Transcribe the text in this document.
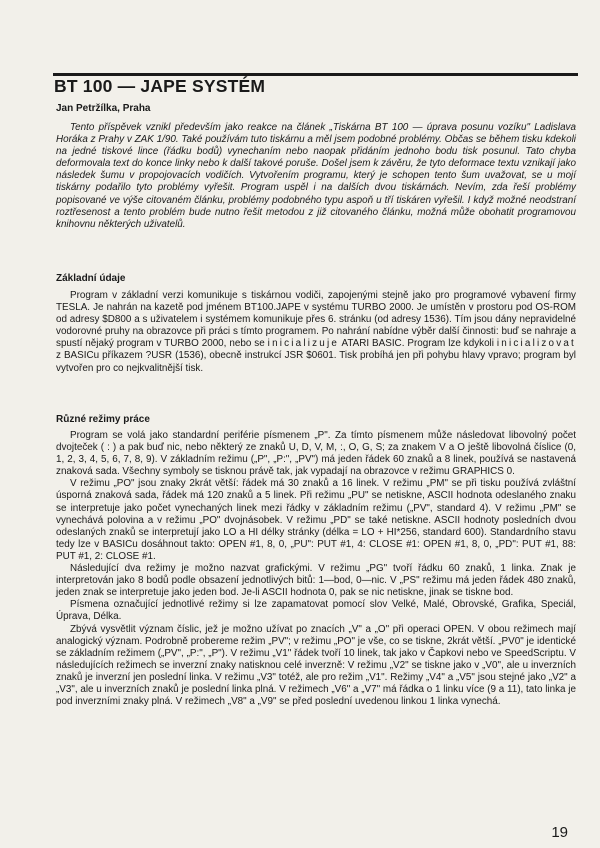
BT 100 — JAPE SYSTÉM
Jan Petržílka, Praha

Tento příspěvek vznikl především jako reakce na článek „Tiskárna BT 100 — úprava posunu vozíku" Ladislava Horáka z Prahy v ZAK 1/90. Také používám tuto tiskárnu a měl jsem podobné problémy. Občas se během tisku kdekoli na jedné tiskové lince (řádku bodů) vynechaním nebo naopak přidáním jednoho bodu tisk posunul. Tato chyba deformovala text do konce linky nebo k další takové poruše. Došel jsem k závěru, že tyto deformace textu vznikají jako následek šumu v propojovacích vodičích. Vytvořením programu, který je schopen tento šum uvažovat, se u mojí tiskárny podařilo tyto problémy vyřešit. Program uspěl i na dalších dvou tiskárnách. Nevím, zda řeší problémy popisované ve výše citovaném článku, problémy podobného typu aspoň u tří tiskáren vyřešil. I když možné neodstraní roztřesenost a tento problém bude nutno řešit metodou z již citovaného článku, možná může obohatit programovou knihovnu některých uživatelů.

Základní údaje

Program v základní verzi komunikuje s tiskárnou vodiči, zapojenými stejně jako pro programové vybavení firmy TESLA. Je nahrán na kazetě pod jménem BT100.JAPE v systému TURBO 2000. Je umístěn v prostoru pod OS-ROM od adresy $D800 a s uživatelem i systémem komunikuje přes 6. stránku (od adresy 1536). Tím jsou dány nepravidelné vodorovné pruhy na obrazovce při práci s tímto programem. Po nahrání nabídne výběr další činnosti: buď se nahraje a spustí nějaký program v TURBO 2000, nebo se inicializuje ATARI BASIC. Program lze kdykoli inicializovat z BASICu příkazem ?USR (1536), obecně instrukcí JSR $0601. Tisk probíhá jen při pohybu hlavy vpravo; program byl vytvořen pro co nejkvalitnější tisk.

Různé režimy práce

Program se volá jako standardní periférie písmenem „P". Za tímto písmenem může následovat libovolný počet dvojteček ( : ) a pak buď nic, nebo některý ze znaků U, D, V, M, :, O, G, S; za znakem V a O ještě libovolná číslice (0, 1, 2, 3, 4, 5, 6, 7, 8, 9). V základním režimu („P", „P:", „PV") má jeden řádek 60 znaků a 8 linek, používá se nastavená znaková sada. Všechny symboly se tisknou právě tak, jak vypadají na obrazovce v režimu GRAPHICS 0.

V režimu „PO" jsou znaky 2krát větší: řádek má 30 znaků a 16 linek. V režimu „PM" se při tisku používá zvláštní úsporná znaková sada, řádek má 120 znaků a 5 linek. Při režimu „PU" se netiskne, ASCII hodnota odeslaného znaku se interpretuje jako počet vynechaných linek mezi řádky v základním režimu („PV", standard 4). V režimu „PM" se vynechává polovina a v režimu „PO" dvojnásobek. V režimu „PD" se také netiskne. ASCII hodnoty posledních dvou odeslaných znaků se interpretují jako LO a HI délky stránky (délka = LO + HI*256, standard 600). Standardního stavu tedy lze v BASICu dosáhnout takto: OPEN #1, 8, 0, „PU": PUT #1, 4: CLOSE #1: OPEN #1, 8, 0, „PD": PUT #1, 88: PUT #1, 2: CLOSE #1.

Následující dva režimy je možno nazvat grafickými. V režimu „PG" tvoří řádku 60 znaků, 1 linka. Znak je interpretován jako 8 bodů podle obsazení jednotlivých bitů: 1—bod, 0—nic. V „PS" režimu má jeden řádek 480 znaků, jeden znak se interpretuje jako jeden bod. Je-li ASCII hodnota 0, pak se nic netiskne, jinak se tiskne bod.

Písmena označující jednotlivé režimy si lze zapamatovat pomocí slov Velké, Malé, Obrovské, Grafika, Speciál, Úprava, Délka.

Zbývá vysvětlit význam číslic, jež je možno užívat po znacích „V" a „O" při operaci OPEN. V obou režimech mají analogický význam. Podrobně probereme režim „PV"; v režimu „PO" je vše, co se tiskne, 2krát větší. „PV0" je identické se základním režimem („PV", „P:", „P"). V režimu „V1" řádek tvoří 10 linek, tak jako v Čapkovi nebo ve SpeedScriptu. V následujících režimech se inverzní znaky natisknou celé inverzně: V režimu „V2" se tiskne jako v „V0", ale u inverzních znaků je inverzní jen poslední linka. V režimu „V3" totéž, ale pro režim „V1". Režimy „V4" a „V5" jsou stejné jako „V2" a „V3", ale u inverzních znaků je poslední linka plná. V režimech „V6" a „V7" má řádka o 1 linku více (9 a 11), tato linka je pod inverzními znaky plná. V režimech „V8" a „V9" se před poslední uvedenou linkou 1 linka vynechá.

19
